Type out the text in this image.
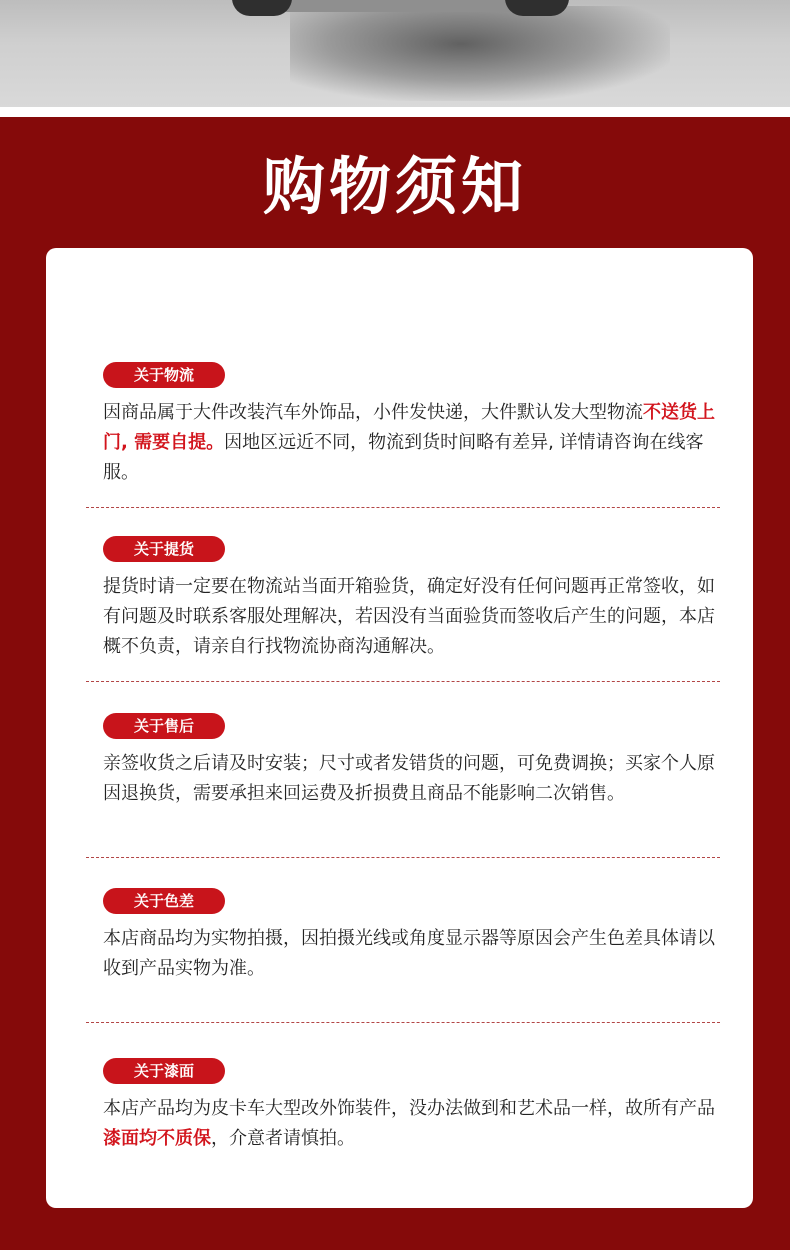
购物须知
关于物流

因商品属于大件改装汽车外饰品，小件发快递，大件默认发大型物流不送货上门, 需要自提。因地区远近不同，物流到货时间略有差异, 详情请咨询在线客服。

关于提货

提货时请一定要在物流站当面开箱验货，确定好没有任何问题再正常签收，如有问题及时联系客服处理解决，若因没有当面验货而签收后产生的问题，本店概不负责，请亲自行找物流协商沟通解决。

关于售后

亲签收货之后请及时安装；尺寸或者发错货的问题，可免费调换；买家个人原因退换货，需要承担来回运费及折损费且商品不能影响二次销售。

关于色差

本店商品均为实物拍摄，因拍摄光线或角度显示器等原因会产生色差具体请以收到产品实物为准。

关于漆面

本店产品均为皮卡车大型改外饰装件，没办法做到和艺术品一样，故所有产品漆面均不质保，介意者请慎拍。
